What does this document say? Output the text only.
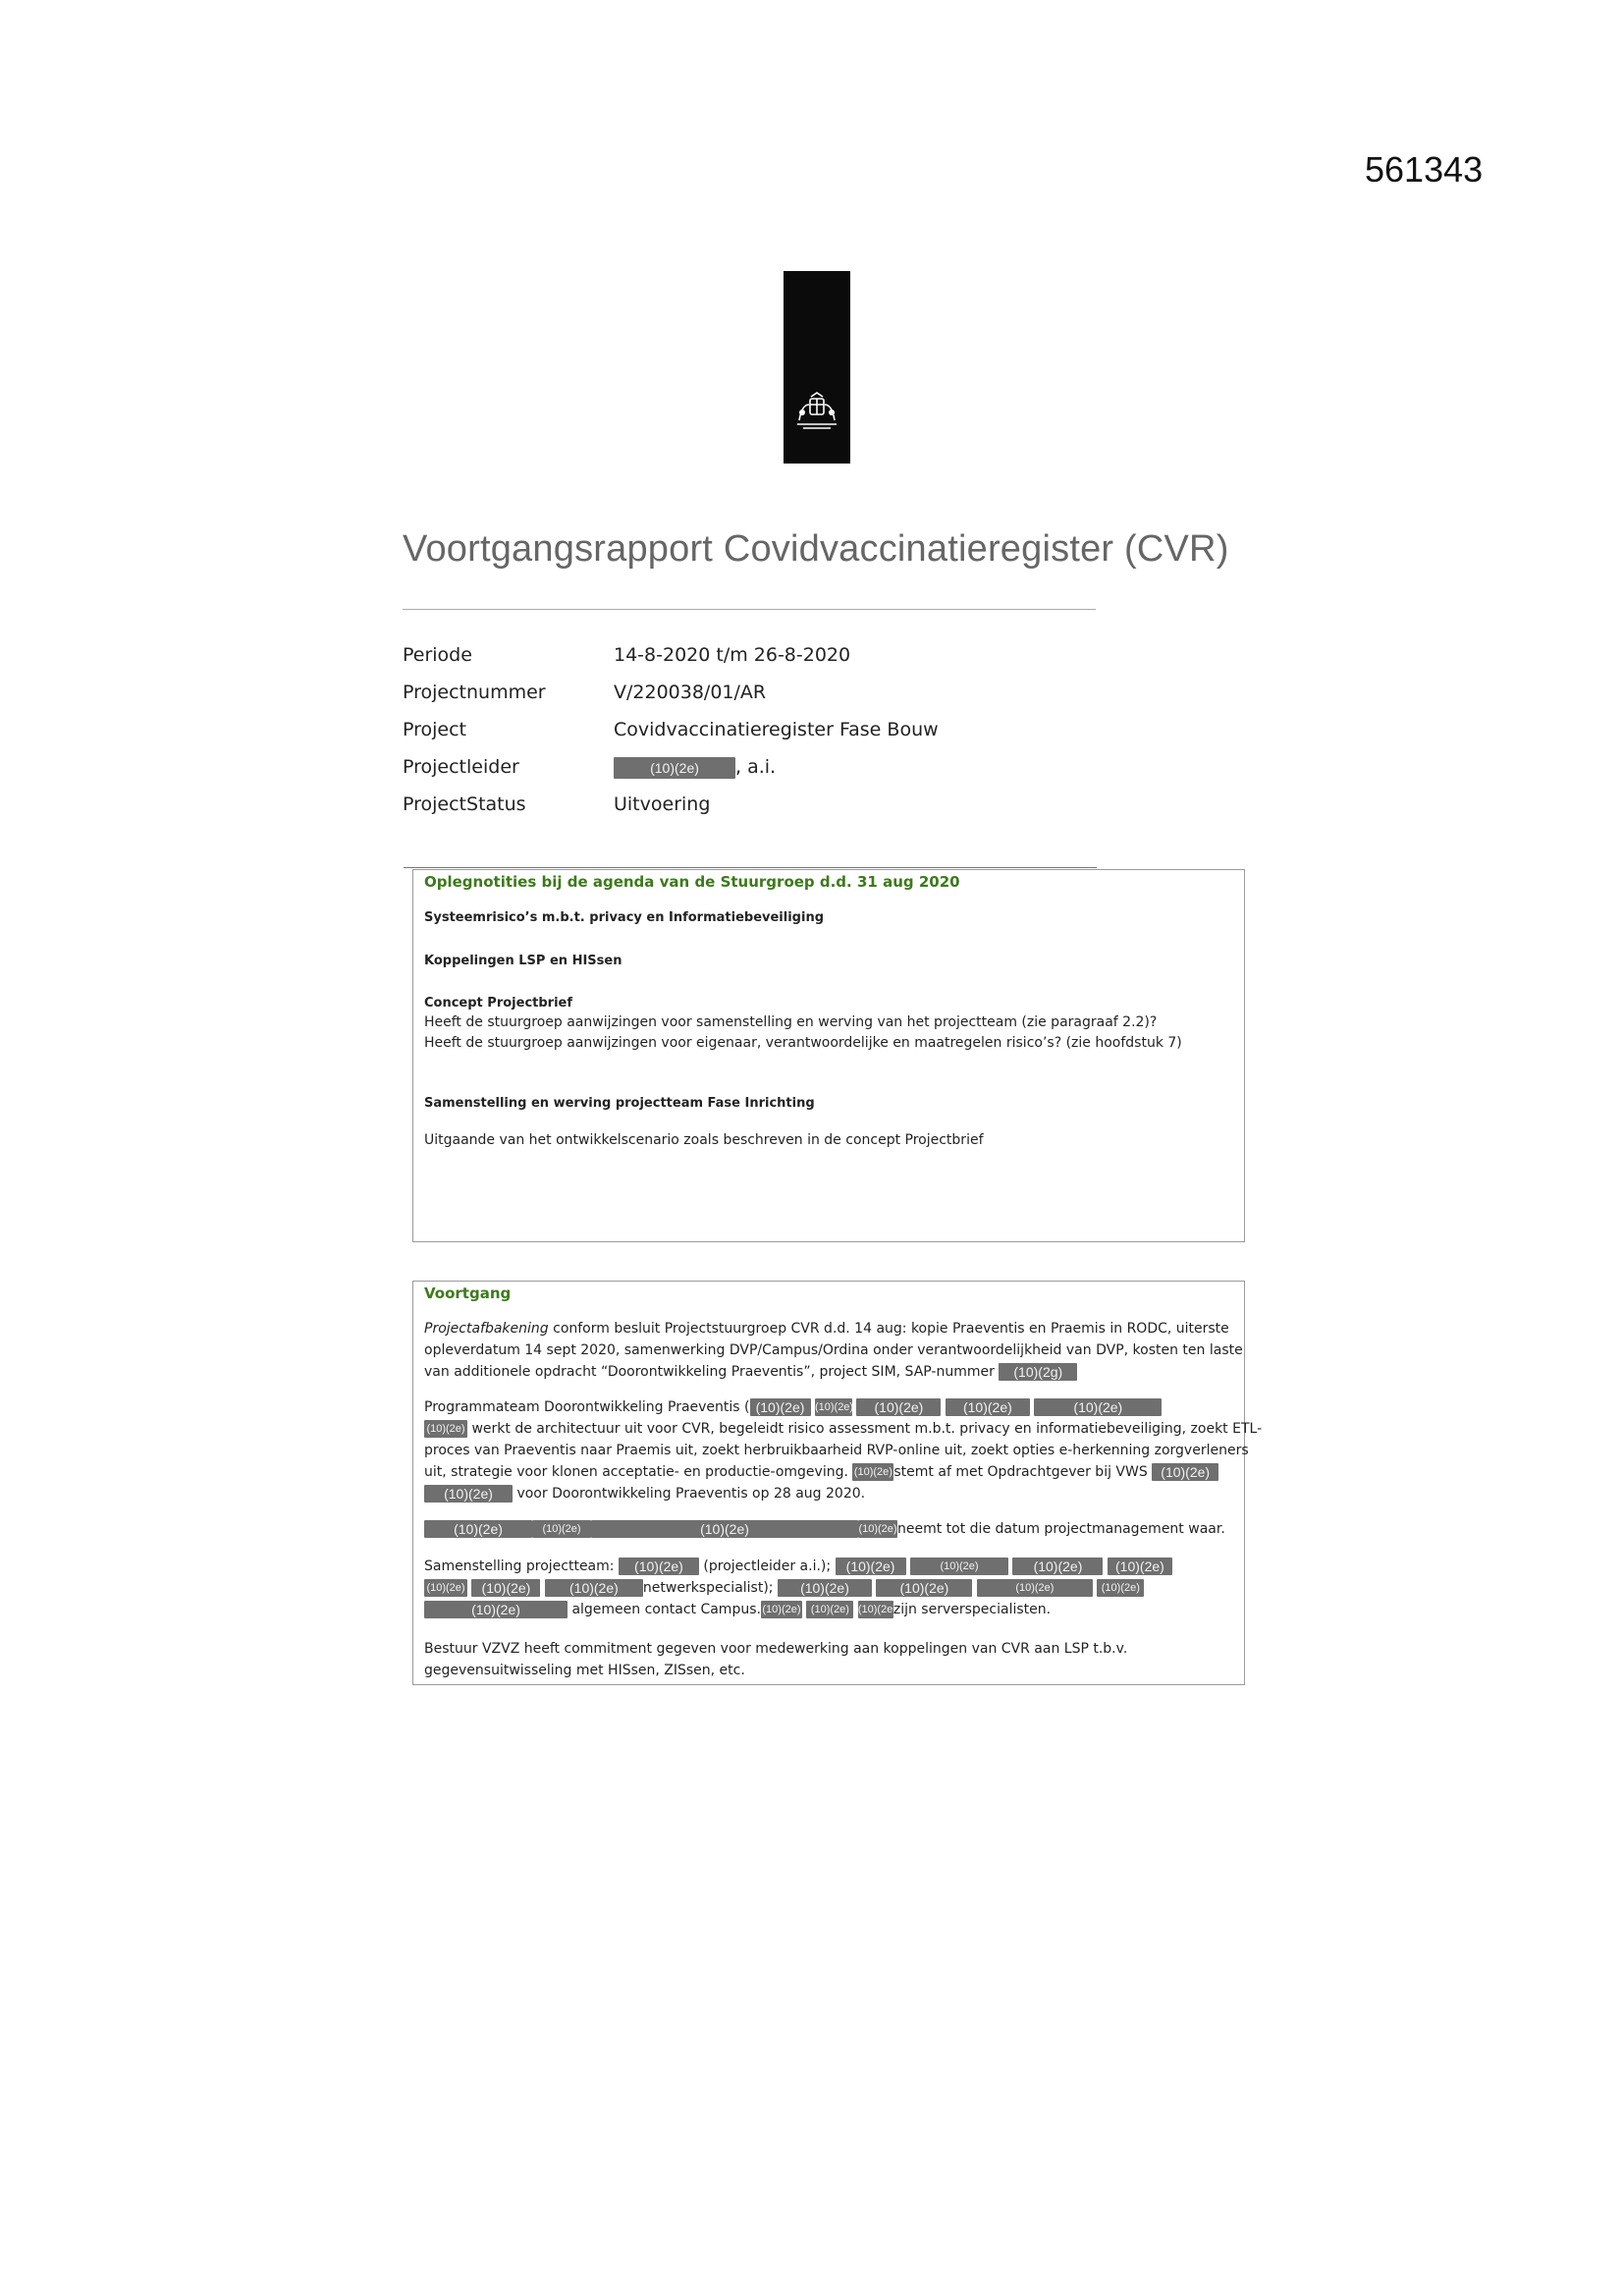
561343
Voortgangsrapport Covidvaccinatieregister (CVR)
Periode	14-8-2020 t/m 26-8-2020
Projectnummer	V/220038/01/AR
Project	Covidvaccinatieregister Fase Bouw
Projectleider	(10)(2e) , a.i.
ProjectStatus	Uitvoering
Oplegnotities bij de agenda van de Stuurgroep d.d. 31 aug 2020
Systeemrisico’s m.b.t. privacy en Informatiebeveiliging
Koppelingen LSP en HISsen
Concept Projectbrief
Heeft de stuurgroep aanwijzingen voor samenstelling en werving van het projectteam (zie paragraaf 2.2)?
Heeft de stuurgroep aanwijzingen voor eigenaar, verantwoordelijke en maatregelen risico’s? (zie hoofdstuk 7)
Samenstelling en werving projectteam Fase Inrichting
Uitgaande van het ontwikkelscenario zoals beschreven in de concept Projectbrief
Voortgang
Projectafbakening conform besluit Projectstuurgroep CVR d.d. 14 aug: kopie Praeventis en Praemis in RODC, uiterste
opleverdatum 14 sept 2020, samenwerking DVP/Campus/Ordina onder verantwoordelijkheid van DVP, kosten ten laste
van additionele opdracht “Doorontwikkeling Praeventis”, project SIM, SAP-nummer (10)(2g)
Programmateam Doorontwikkeling Praeventis ( (10)(2e) (10)(2e) (10)(2e)	(10)(2e)	(10)(2e)
(10)(2e) werkt de architectuur uit voor CVR, begeleidt risico assessment m.b.t. privacy en informatiebeveiliging, zoekt ETL-
proces van Praeventis naar Praemis uit, zoekt herbruikbaarheid RVP-online uit, zoekt opties e-herkenning zorgverleners
uit, strategie voor klonen acceptatie- en productie-omgeving. (10)(2e)stemt af met Opdrachtgever bij VWS (10)(2e)
(10)(2e) voor Doorontwikkeling Praeventis op 28 aug 2020.
(10)(2e)	(10)(2e)	(10)(2e)	(10)(2e)neemt tot die datum projectmanagement waar.
Samenstelling projectteam: (10)(2e) (projectleider a.i.); (10)(2e)	(10)(2e)	(10)(2e) (10)(2e)
(10)(2e) (10)(2e)	(10)(2e) netwerkspecialist); (10)(2e)	(10)(2e)	(10)(2e)	(10)(2e)
(10)(2e)	algemeen contact Campus.(10)(2e) (10)(2e) (10)(2e)zijn serverspecialisten.
Bestuur VZVZ heeft commitment gegeven voor medewerking aan koppelingen van CVR aan LSP t.b.v.
gegevensuitwisseling met HISsen, ZISsen, etc.
